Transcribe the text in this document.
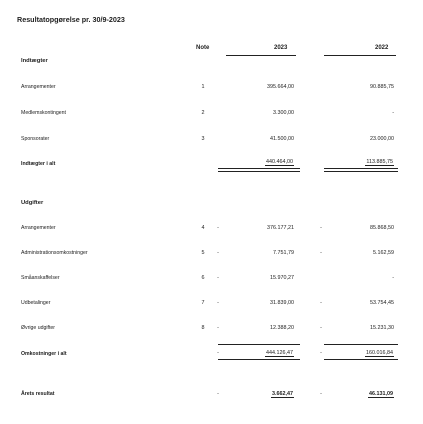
Resultatopgørelse pr. 30/9-2023
Note	2023	2022
Indtægter
Arrangementer	1	395.664,00	90.885,75
Medlemskontingent	2	3.300,00	-
Sponsorater	3	41.500,00	23.000,00
Indtægter i alt	440.464,00	113.885,75
Udgifter
Arrangementer	4	-	376.177,21	-	85.868,50
Administrationsomkostninger	5	-	7.751,79	-	5.162,59
Småanskaffelser	6	-	15.970,27	-
Udbetalinger	7	-	31.839,00	-	53.754,45
Øvrige udgifter	8	-	12.388,20	-	15.231,30
Omkostninger i alt	-	444.126,47	-	160.016,84
Årets resultat	-	3.662,47	-	46.131,09
